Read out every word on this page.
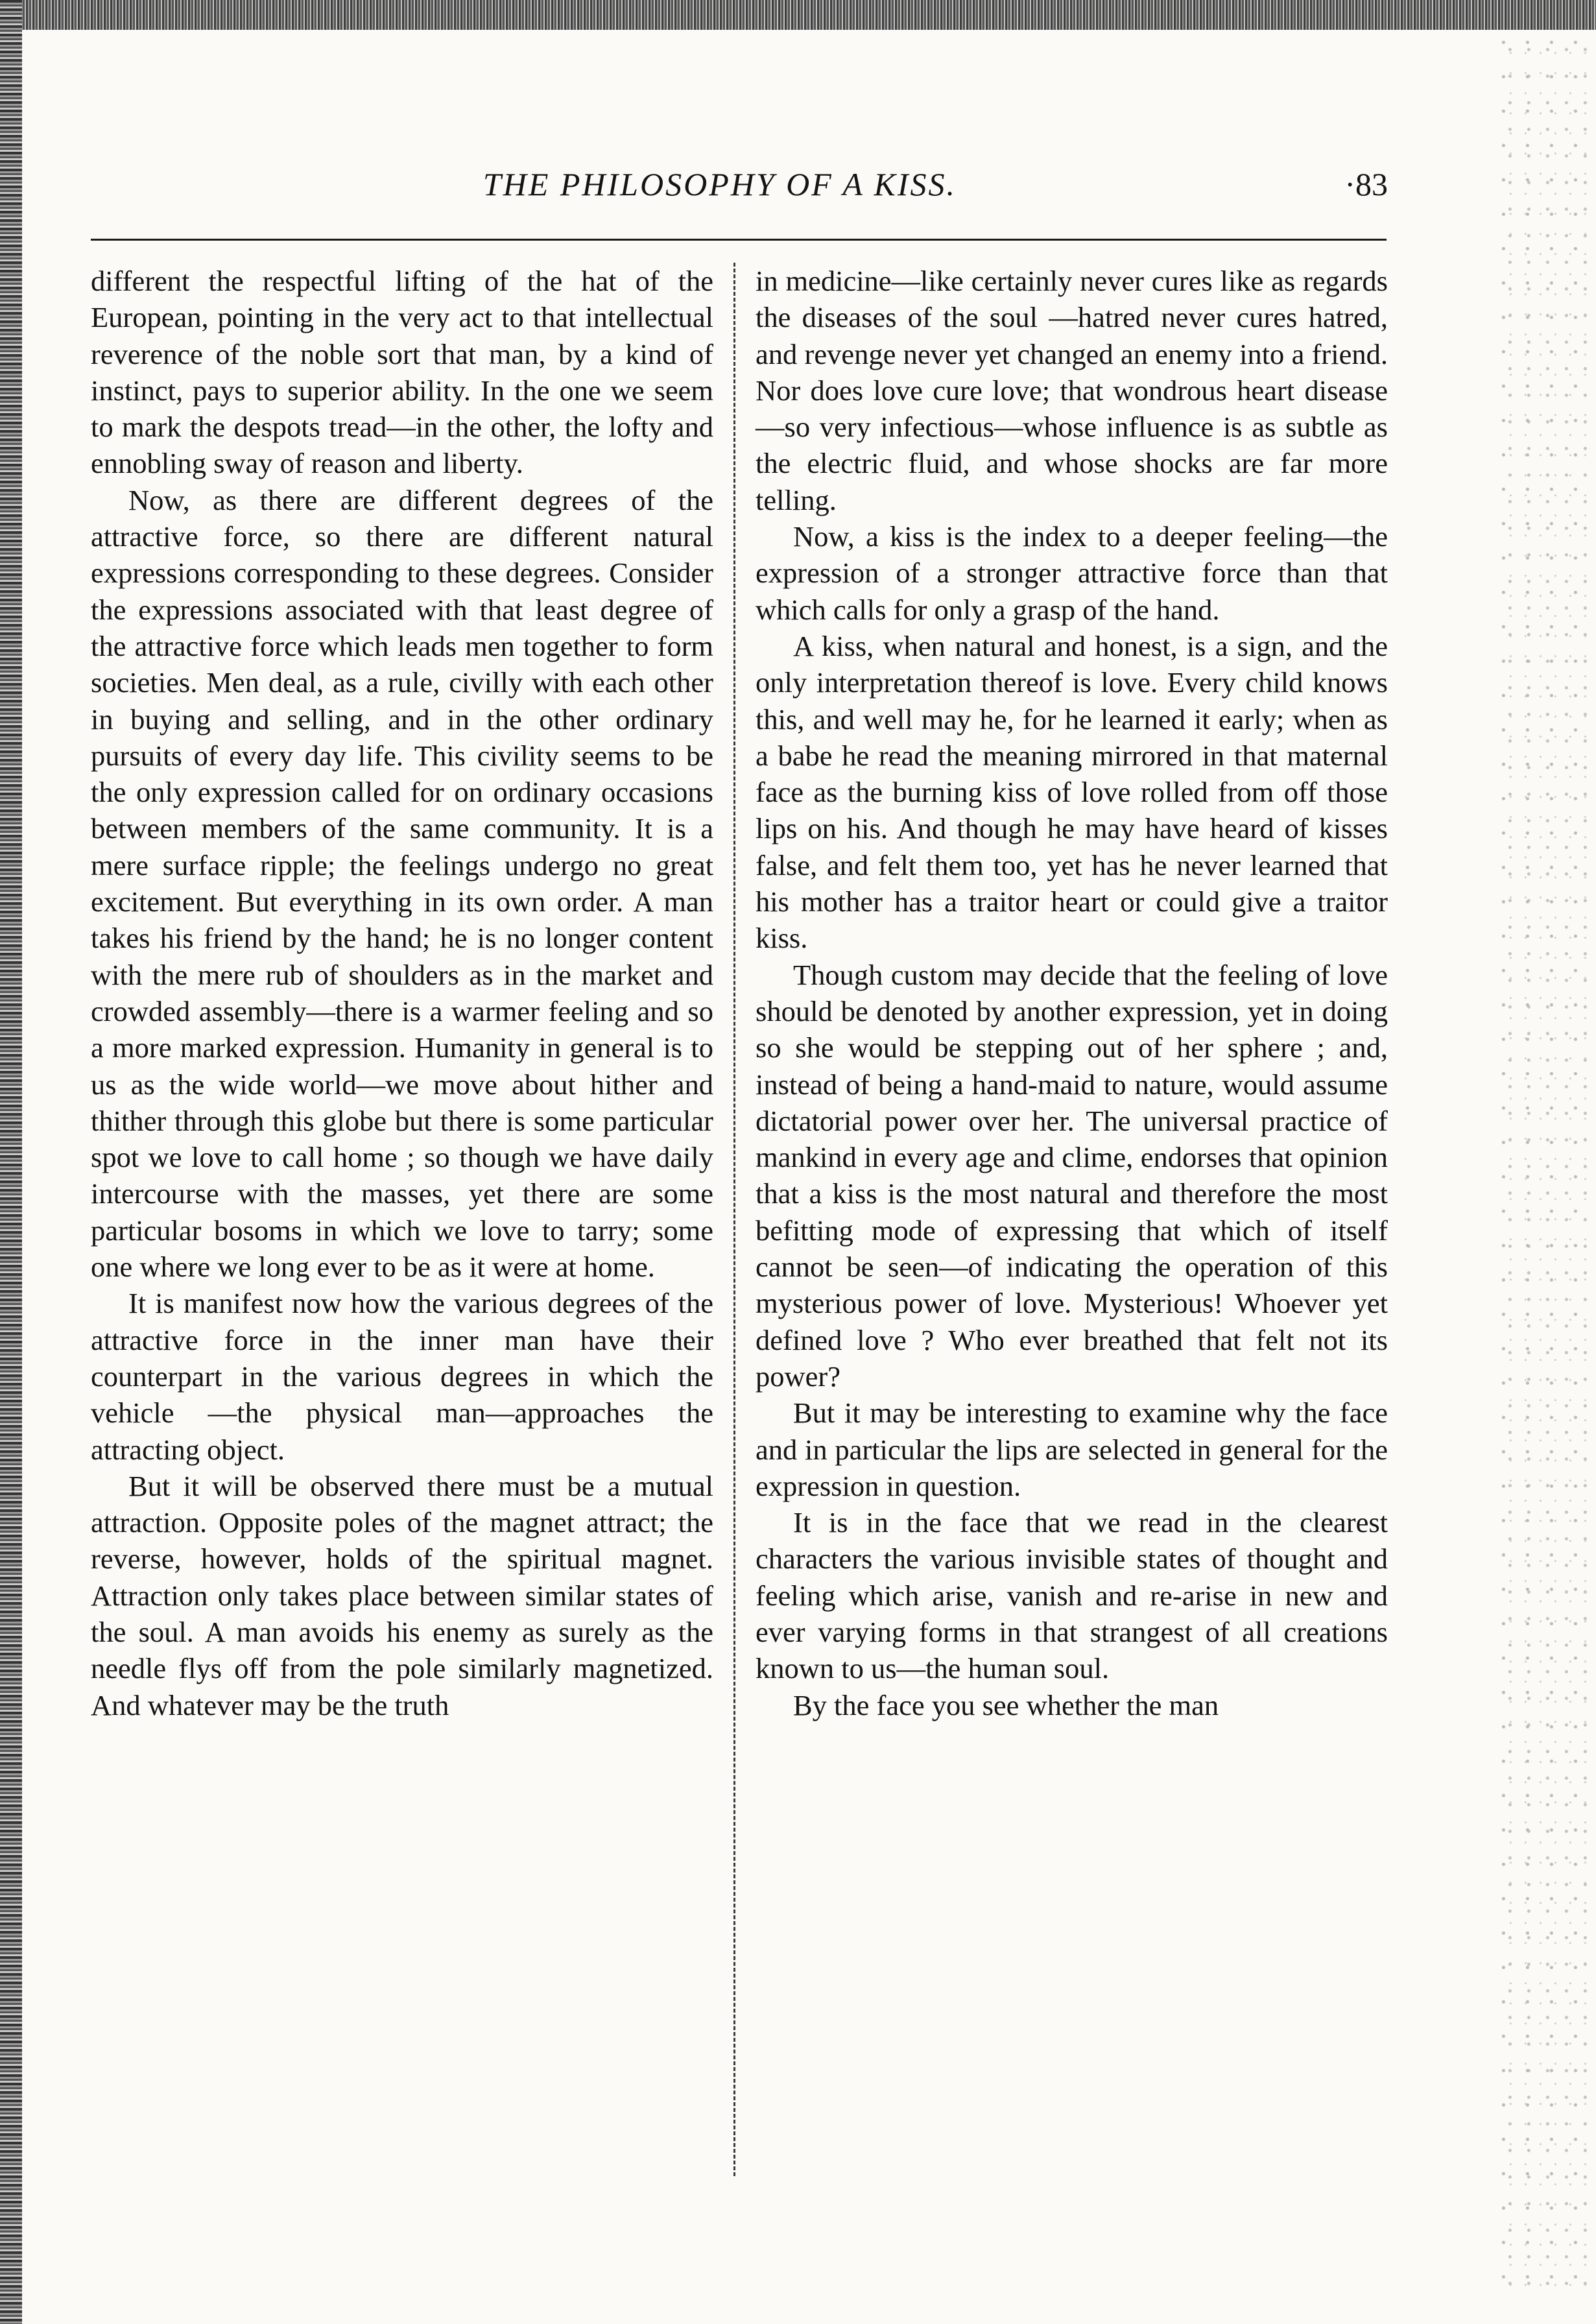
THE PHILOSOPHY OF A KISS.	·83

different the respectful lifting of the hat of the European, pointing in the very act to that intellectual reverence of the noble sort that man, by a kind of instinct, pays to superior ability. In the one we seem to mark the despots tread—in the other, the lofty and ennobling sway of reason and liberty.

Now, as there are different degrees of the attractive force, so there are different natural expressions corresponding to these degrees. Consider the expressions associated with that least degree of the attractive force which leads men together to form societies. Men deal, as a rule, civilly with each other in buying and selling, and in the other ordinary pursuits of every day life. This civility seems to be the only expression called for on ordinary occasions between members of the same community. It is a mere surface ripple; the feelings undergo no great excitement. But everything in its own order. A man takes his friend by the hand; he is no longer content with the mere rub of shoulders as in the market and crowded assembly—there is a warmer feeling and so a more marked expression. Humanity in general is to us as the wide world—we move about hither and thither through this globe but there is some particular spot we love to call home ; so though we have daily intercourse with the masses, yet there are some particular bosoms in which we love to tarry; some one where we long ever to be as it were at home.

It is manifest now how the various degrees of the attractive force in the inner man have their counterpart in the various degrees in which the vehicle —the physical man—approaches the attracting object.

But it will be observed there must be a mutual attraction. Opposite poles of the magnet attract; the reverse, however, holds of the spiritual magnet. Attraction only takes place between similar states of the soul. A man avoids his enemy as surely as the needle flys off from the pole similarly magnetized. And whatever may be the truth

in medicine—like certainly never cures like as regards the diseases of the soul —hatred never cures hatred, and revenge never yet changed an enemy into a friend. Nor does love cure love; that wondrous heart disease—so very infectious—whose influence is as subtle as the electric fluid, and whose shocks are far more telling.

Now, a kiss is the index to a deeper feeling—the expression of a stronger attractive force than that which calls for only a grasp of the hand.

A kiss, when natural and honest, is a sign, and the only interpretation thereof is love. Every child knows this, and well may he, for he learned it early; when as a babe he read the meaning mirrored in that maternal face as the burning kiss of love rolled from off those lips on his. And though he may have heard of kisses false, and felt them too, yet has he never learned that his mother has a traitor heart or could give a traitor kiss.

Though custom may decide that the feeling of love should be denoted by another expression, yet in doing so she would be stepping out of her sphere ; and, instead of being a hand-maid to nature, would assume dictatorial power over her. The universal practice of mankind in every age and clime, endorses that opinion that a kiss is the most natural and therefore the most befitting mode of expressing that which of itself cannot be seen—of indicating the operation of this mysterious power of love. Mysterious! Whoever yet defined love ? Who ever breathed that felt not its power?

But it may be interesting to examine why the face and in particular the lips are selected in general for the expression in question.

It is in the face that we read in the clearest characters the various invisible states of thought and feeling which arise, vanish and re-arise in new and ever varying forms in that strangest of all creations known to us—the human soul.

By the face you see whether the man
